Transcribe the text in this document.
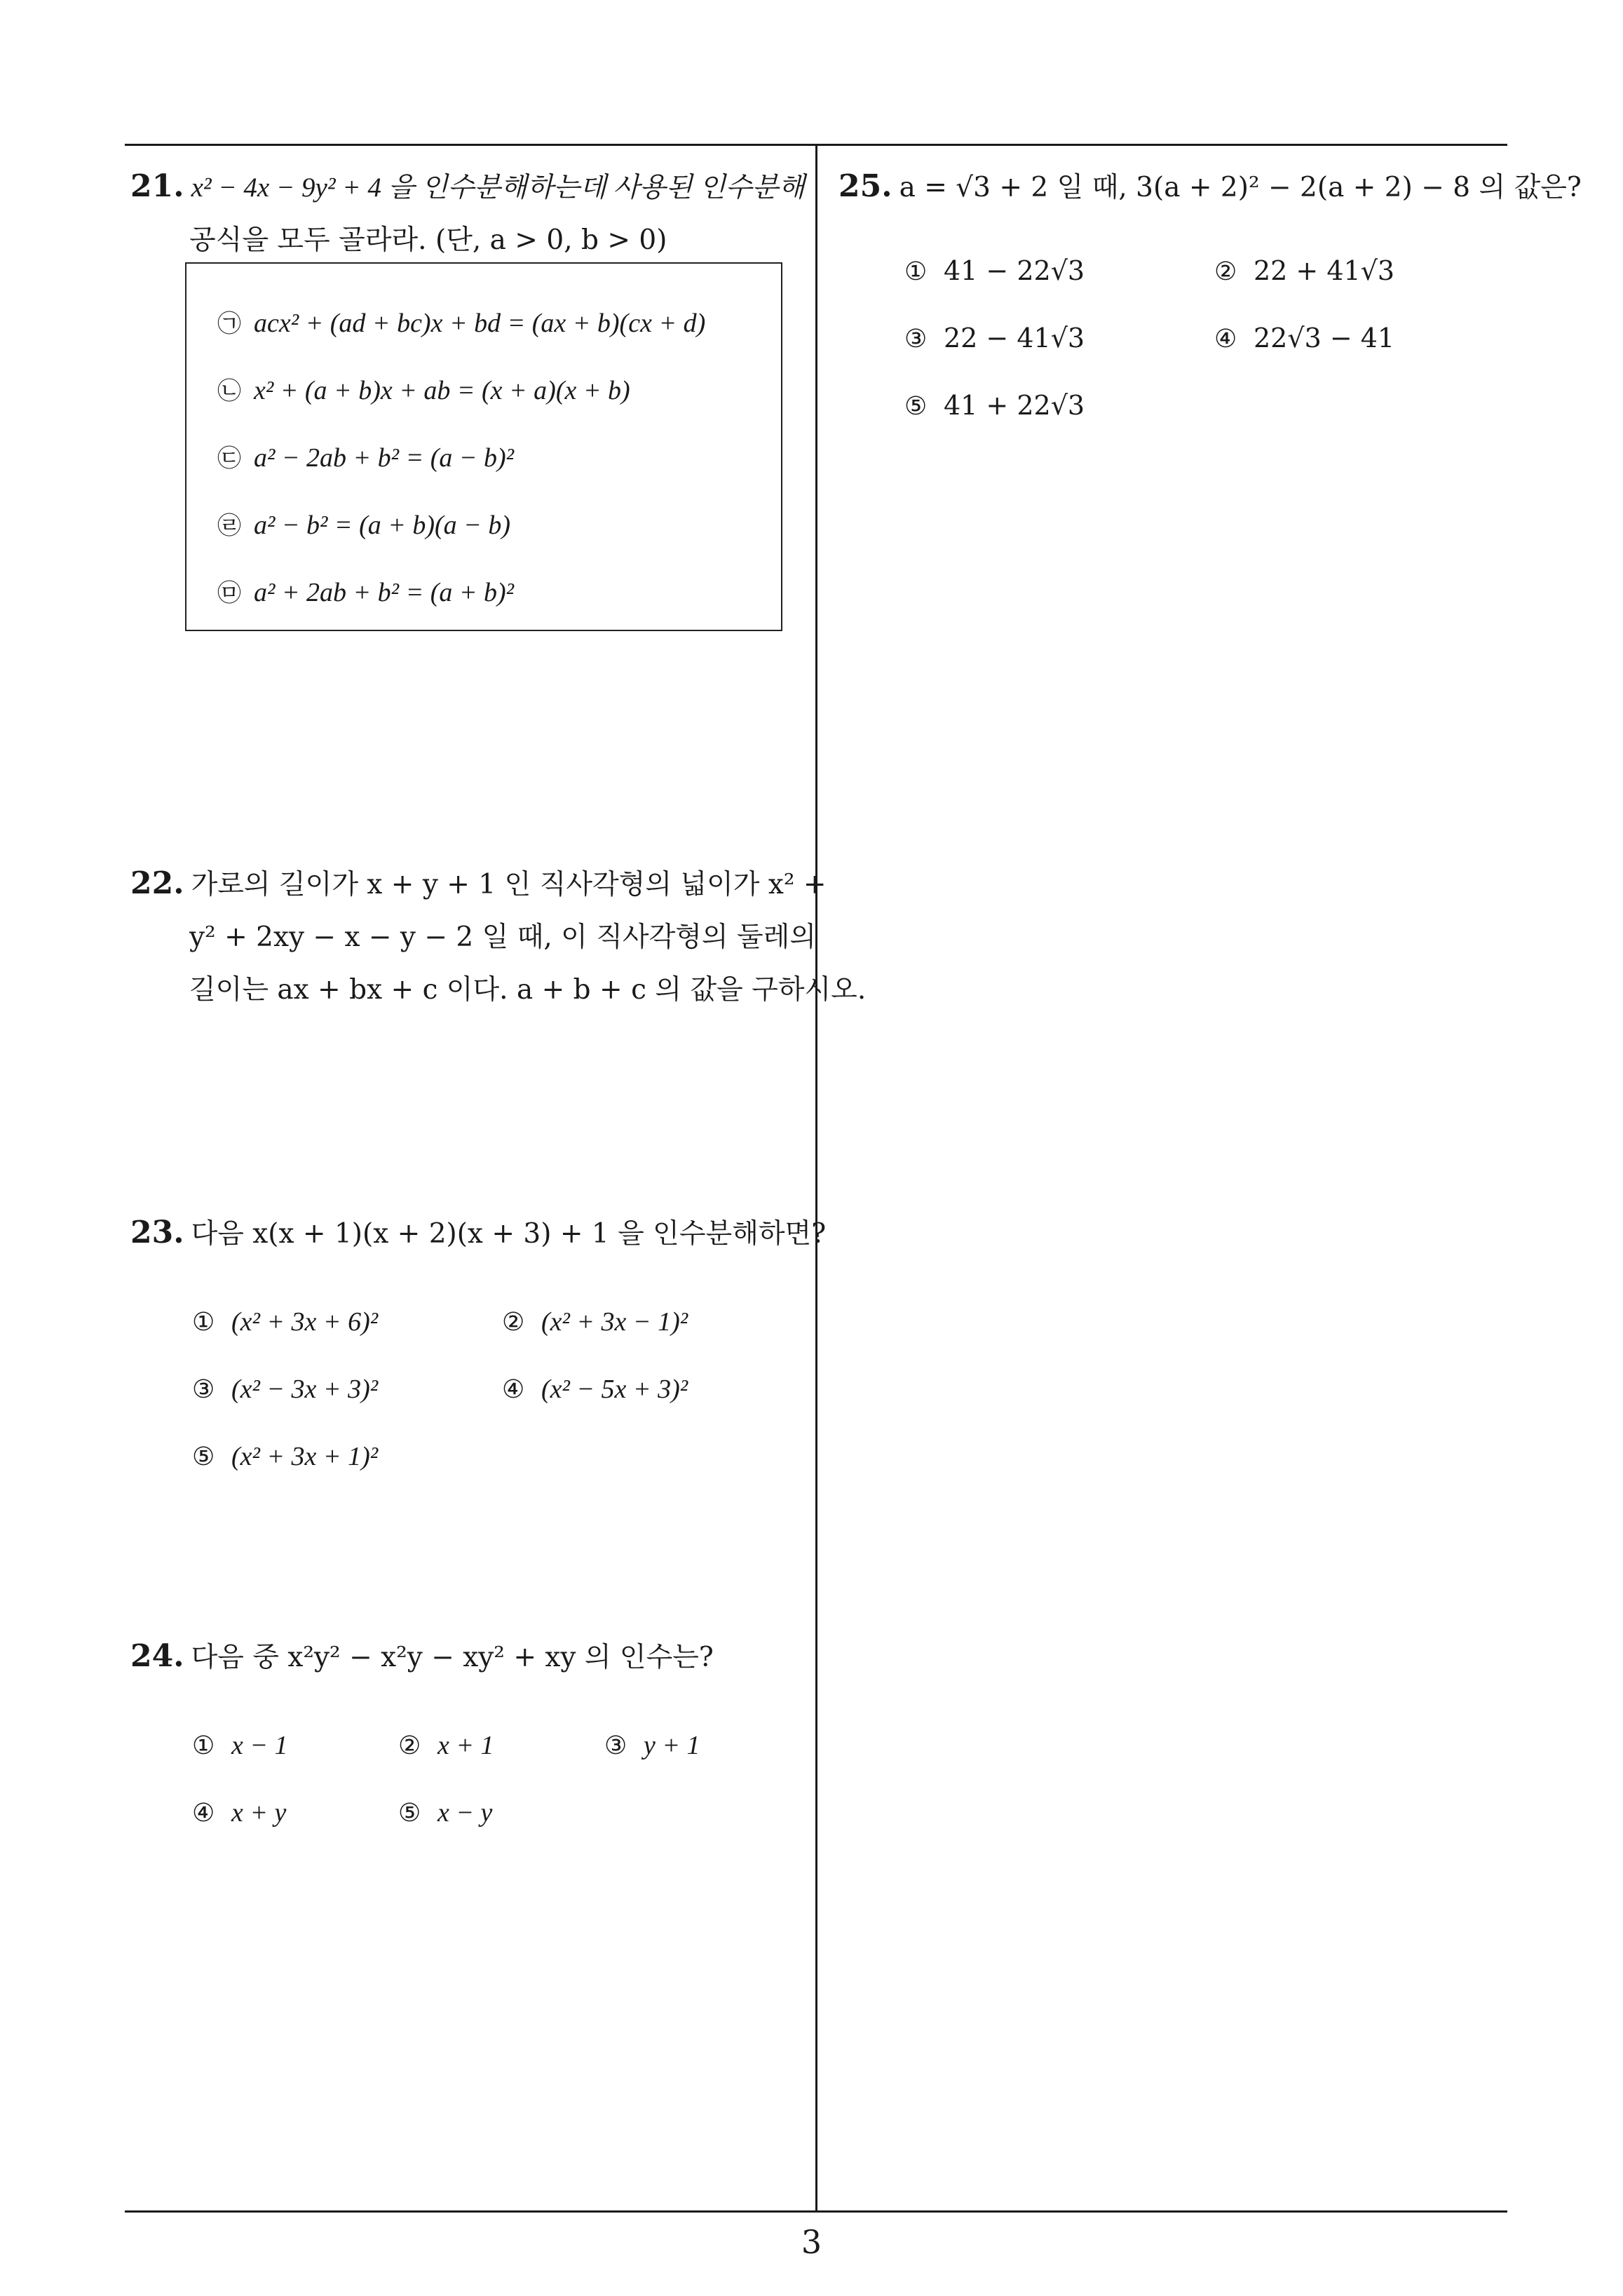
21. x² − 4x − 9y² + 4 을 인수분해하는데 사용된 인수분해
공식을 모두 골라라. (단, a > 0, b > 0)
㉠ acx² + (ad + bc)x + bd = (ax + b)(cx + d)
㉡ x² + (a + b)x + ab = (x + a)(x + b)
㉢ a² − 2ab + b² = (a − b)²
㉣ a² − b² = (a + b)(a − b)
㉤ a² + 2ab + b² = (a + b)²
22. 가로의 길이가 x + y + 1 인 직사각형의 넓이가 x² +
y² + 2xy − x − y − 2 일 때, 이 직사각형의 둘레의
길이는 ax + bx + c 이다. a + b + c 의 값을 구하시오.
23. 다음 x(x + 1)(x + 2)(x + 3) + 1 을 인수분해하면?
① (x² + 3x + 6)²	② (x² + 3x − 1)²
③ (x² − 3x + 3)²	④ (x² − 5x + 3)²
⑤ (x² + 3x + 1)²
24. 다음 중 x²y² − x²y − xy² + xy 의 인수는?
① x − 1	② x + 1	③ y + 1
④ x + y	⑤ x − y
25. a = √3 + 2 일 때, 3(a + 2)² − 2(a + 2) − 8 의 값은?
① 41 − 22√3	② 22 + 41√3
③ 22 − 41√3	④ 22√3 − 41
⑤ 41 + 22√3
3
